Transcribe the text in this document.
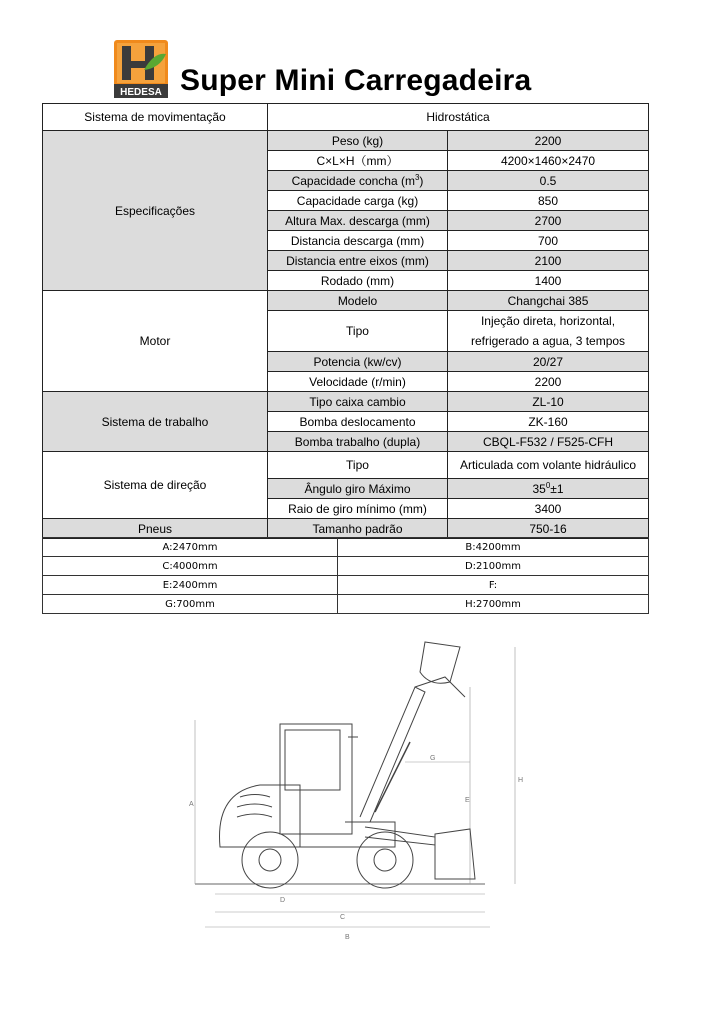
HEDESA Super Mini Carregadeira
Sistema de movimentação	Hidrostática	
Especificações	Peso (kg)	2200
	C×L×H（mm）	4200×1460×2470
	Capacidade concha $(m^3)$	0.5
	Capacidade carga (kg)	850
	Altura Max. descarga (mm)	2700
	Distancia descarga (mm)	700
	Distancia entre eixos (mm)	2100
	Rodado (mm)	1400
Motor	Modelo	Changchai 385
	Tipo	Injeção direta, horizontal,
refrigerado a agua, 3 tempos

	Potencia (kw/cv)	20/27
	Velocidade (r/min)	2200
Sistema de trabalho	Tipo caixa cambio	ZL-10
	Bomba deslocamento	ZK-160
	Bomba trabalho (dupla)	CBQL-F532 / F525-CFH
Sistema de direção	Tipo	Articulada com volante hidráulico
	Ângulo giro Máximo	$35^0\pm 1$
	Raio de giro mínimo (mm)	3400
Pneus	Tamanho padrão	750-16
A:2470mm	B:4200mm
C:4000mm	D:2100mm
E:2400mm	F:
G:700mm	H:2700mm
A
B
C
D
E
G
H
